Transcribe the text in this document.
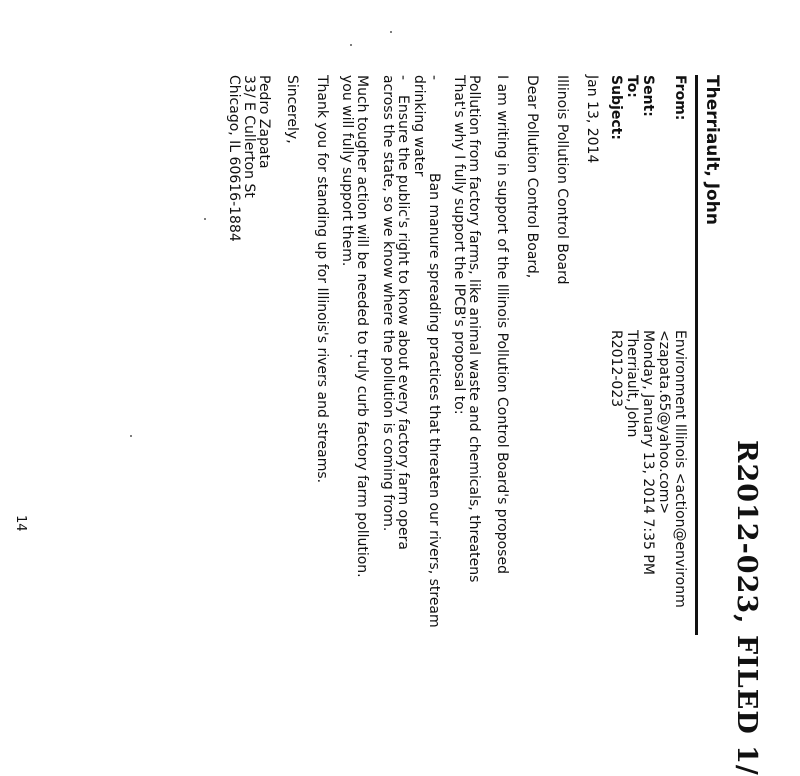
R2012-023, FILED 1/
Therriault, John
From:
Environment Illinois <action@environm
<zapata.65@yahoo.com>
Sent:
Monday, January 13, 2014 7:35 PM
To:
Therriault, John
Subject:
R2012-023
Jan 13, 2014
Illinois Pollution Control Board
Dear Pollution Control Board,
I am writing in support of the Illinois Pollution Control Board's proposed
Pollution from factory farms, like animal waste and chemicals, threatens
That's why I fully support the IPCB's proposal to:
-
Ban manure spreading practices that threaten our rivers, stream
drinking water
-
Ensure the public's right to know about every factory farm opera
across the state, so we know where the pollution is coming from.
Much tougher action will be needed to truly curb factory farm pollution.
you will fully support them.
Thank you for standing up for Illinois's rivers and streams.
Sincerely,
Pedro Zapata
33/ E Cullerton St
Chicago, IL 60616-1884
14
